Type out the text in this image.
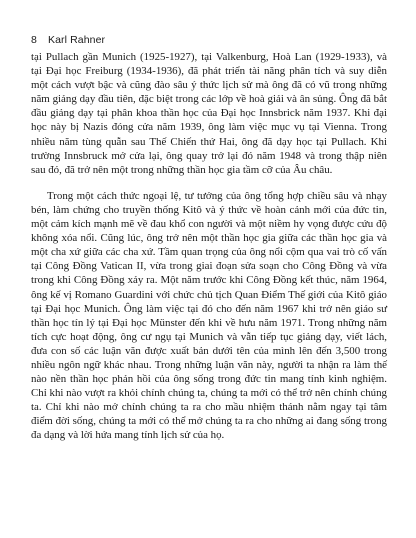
8 Karl Rahner

tại Pullach gần Munich (1925-1927), tại Valkenburg, Hoà Lan (1929-1933), và tại Đại học Freiburg (1934-1936), đã phát triển tài năng phân tích và suy diễn một cách vượt bậc và cũng đào sâu ý thức lịch sử mà ông đã có vũ trong những năm giảng dạy đầu tiên, đặc biệt trong các lớp về hoà giải và ân sủng. Ông đã bắt đầu giảng dạy tại phân khoa thần học của Đại học Innsbrick năm 1937. Khi đại học này bị Nazis đóng cửa năm 1939, ông làm việc mục vụ tại Vienna. Trong nhiều năm tùng quẫn sau Thế Chiến thứ Hai, ông đã dạy học tại Pullach. Khi trường Innsbruck mở cửa lại, ông quay trở lại đó năm 1948 và trong thập niên sau đó, đã trở nên một trong những thần học gia tầm cỡ của Âu châu.

Trong một cách thức ngoại lệ, tư tưởng của ông tổng hợp chiều sâu và nhạy bén, làm chứng cho truyền thống Kitô và ý thức về hoàn cảnh mới của đức tin, một cảm kích mạnh mẽ về đau khổ con người và một niềm hy vọng được cứu độ không xóa nổi. Cũng lúc, ông trở nên một thần học gia giữa các thần học gia và một cha xứ giữa các cha xứ. Tầm quan trọng của ông nổi cộm qua vai trò cố vấn tại Công Đồng Vatican II, vừa trong giai đoạn sửa soạn cho Công Đồng và vừa trong khi Công Đồng xảy ra. Một năm trước khi Công Đồng kết thúc, năm 1964, ông kế vị Romano Guardini với chức chủ tịch Quan Điểm Thế giới của Kitô giáo tại Đại học Munich. Ông làm việc tại đó cho đến năm 1967 khi trở nên giáo sư thần học tín lý tại Đại học Münster đến khi về hưu năm 1971. Trong những năm tích cực hoạt động, ông cư ngụ tại Munich và vẫn tiếp tục giảng dạy, viết lách, đưa con số các luận văn được xuất bản dưới tên của mình lên đến 3,500 trong nhiều ngôn ngữ khác nhau. Trong những luận văn này, người ta nhận ra làm thế nào nền thần học phản hồi của ông sống trong đức tin mang tính kinh nghiệm. Chỉ khi nào vượt ra khỏi chính chúng ta, chúng ta mới có thể trở nên chính chúng ta. Chỉ khi nào mở chính chúng ta ra cho mầu nhiệm thánh nằm ngay tại tâm điểm đời sống, chúng ta mới có thể mở chúng ta ra cho những ai đang sống trong đa dạng và lời hứa mang tính lịch sử của họ.
